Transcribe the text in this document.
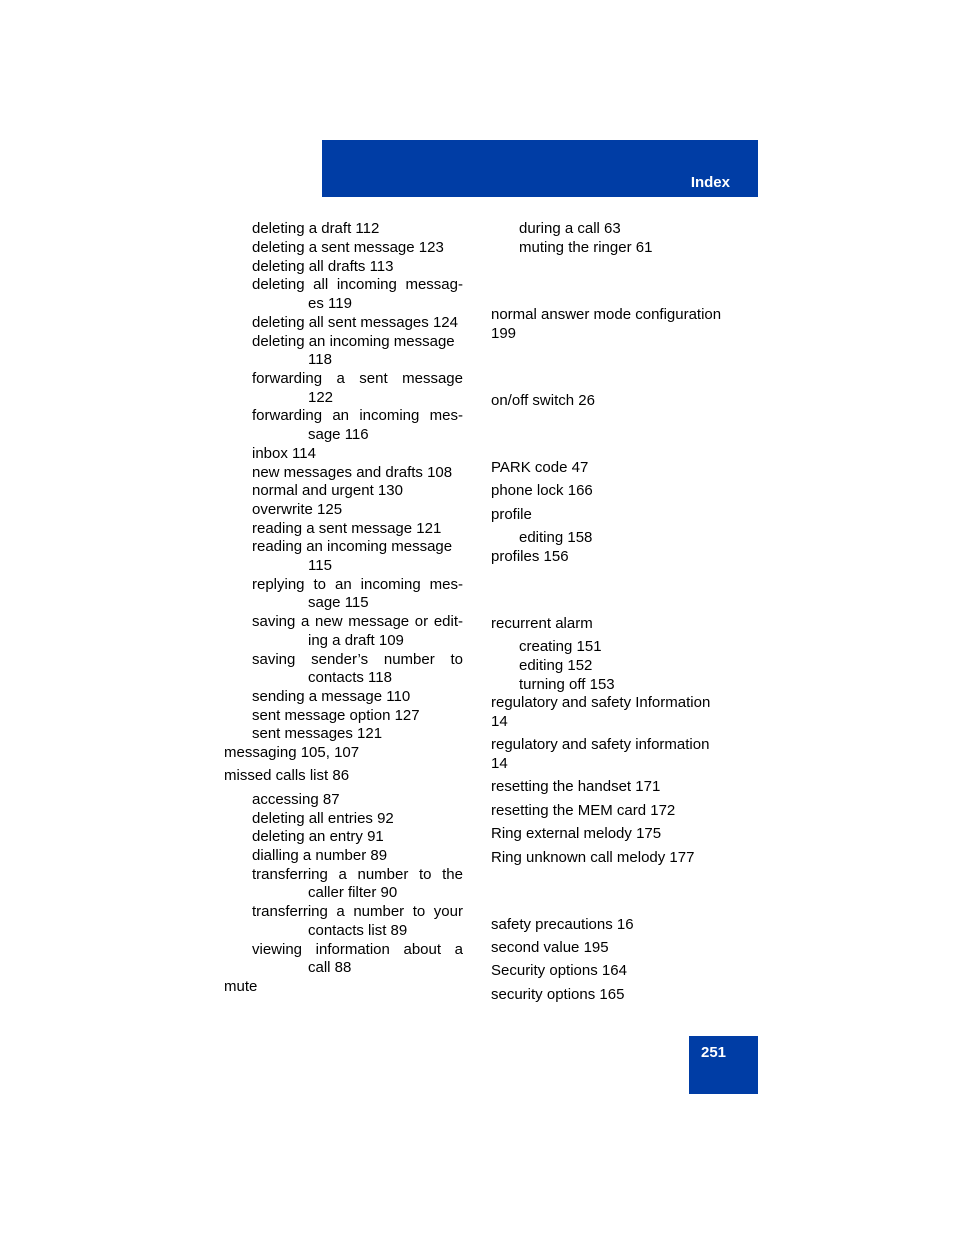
Index
deleting a draft 112
deleting a sent message 123
deleting all drafts 113
deleting all incoming messag-
es 119
deleting all sent messages 124
deleting an incoming message
118
forwarding a sent message
122
forwarding an incoming mes-
sage 116
inbox 114
new messages and drafts 108
normal and urgent 130
overwrite 125
reading a sent message 121
reading an incoming message
115
replying to an incoming mes-
sage 115
saving a new message or edit-
ing a draft 109
saving sender’s number to
contacts 118
sending a message 110
sent message option 127
sent messages 121
messaging 105, 107
missed calls list 86
accessing 87
deleting all entries 92
deleting an entry 91
dialling a number 89
transferring a number to the
caller filter 90
transferring a number to your
contacts list 89
viewing information about a
call 88
mute
during a call 63
muting the ringer 61
normal answer mode configuration
199
on/off switch 26
PARK code 47
phone lock 166
profile
editing 158
profiles 156
recurrent alarm
creating 151
editing 152
turning off 153
regulatory and safety Information
14
regulatory and safety information
14
resetting the handset 171
resetting the MEM card 172
Ring external melody 175
Ring unknown call melody 177
safety precautions 16
second value 195
Security options 164
security options 165
251
